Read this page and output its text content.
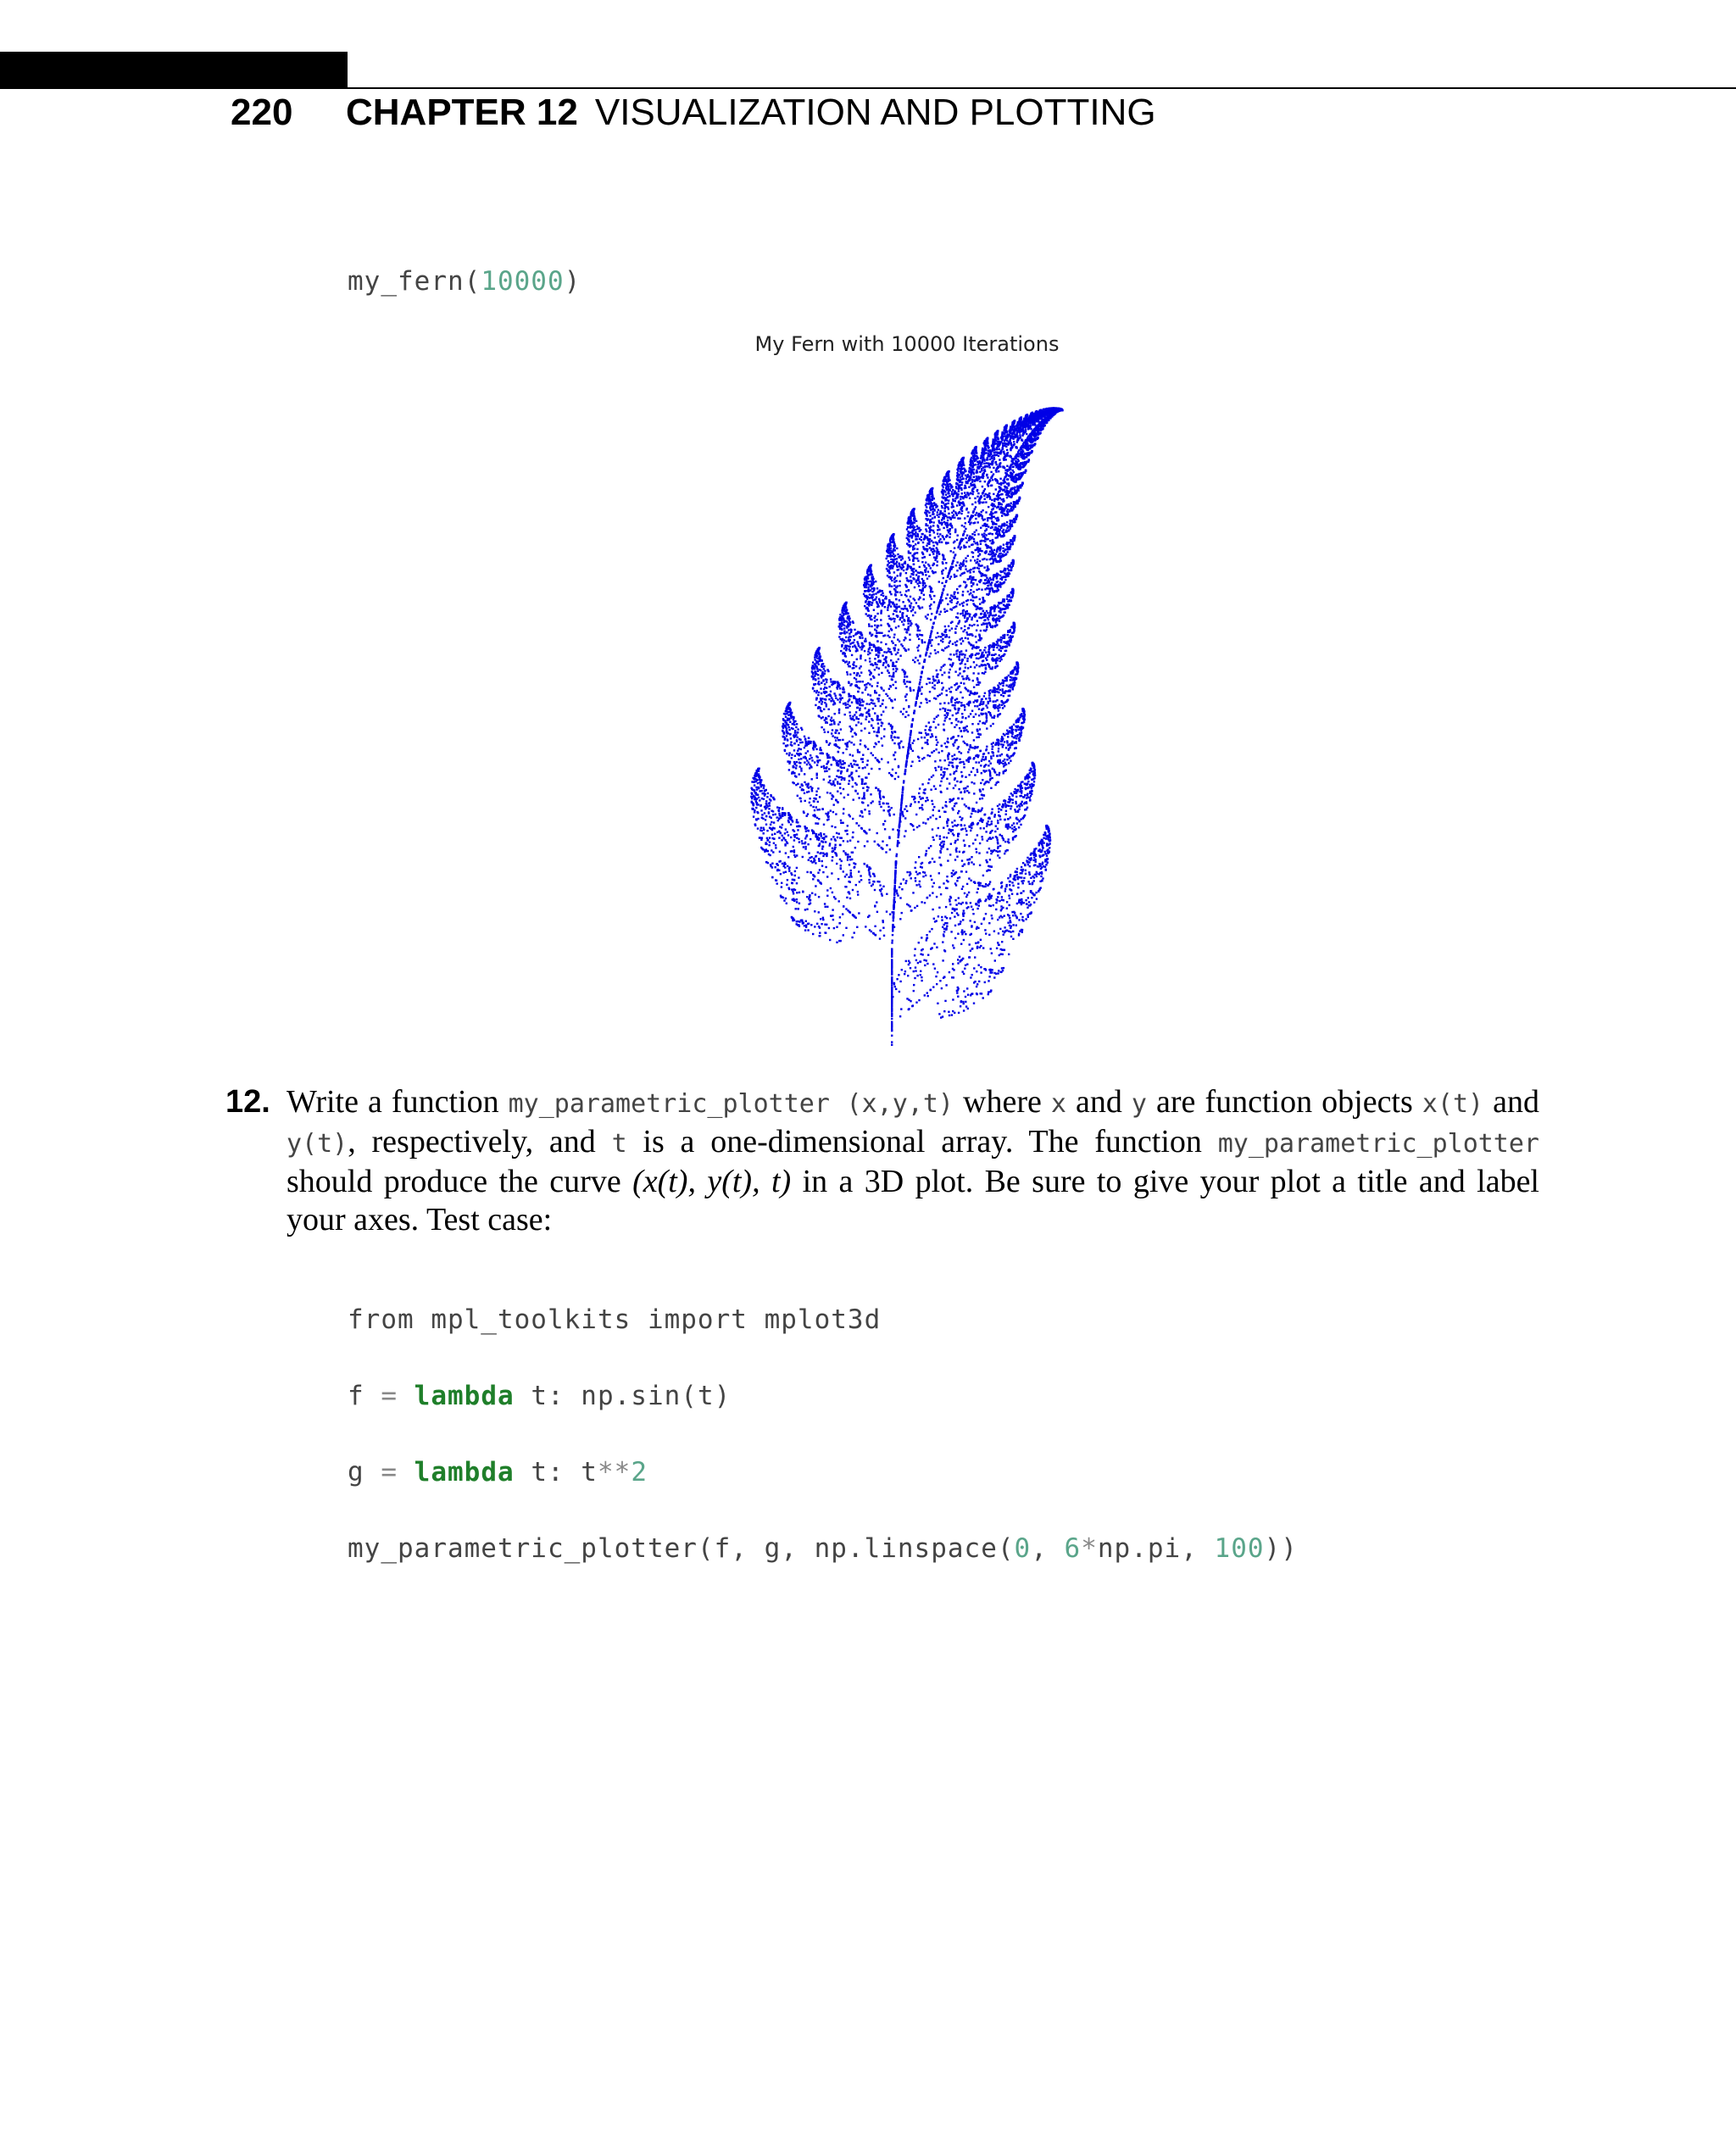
220	CHAPTER 12 VISUALIZATION AND PLOTTING
my_fern(10000)
My Fern with 10000 Iterations
12. Write a function my_parametric_plotter (x,y,t) where x and y are function objects x(t) and y(t), respectively, and t is a one-dimensional array. The function my_parametric_plotter should produce the curve (x(t), y(t), t) in a 3D plot. Be sure to give your plot a title and label your axes. Test case:

from mpl_toolkits import mplot3d

f = lambda t: np.sin(t)

g = lambda t: t**2

my_parametric_plotter(f, g, np.linspace(0, 6*np.pi, 100))
